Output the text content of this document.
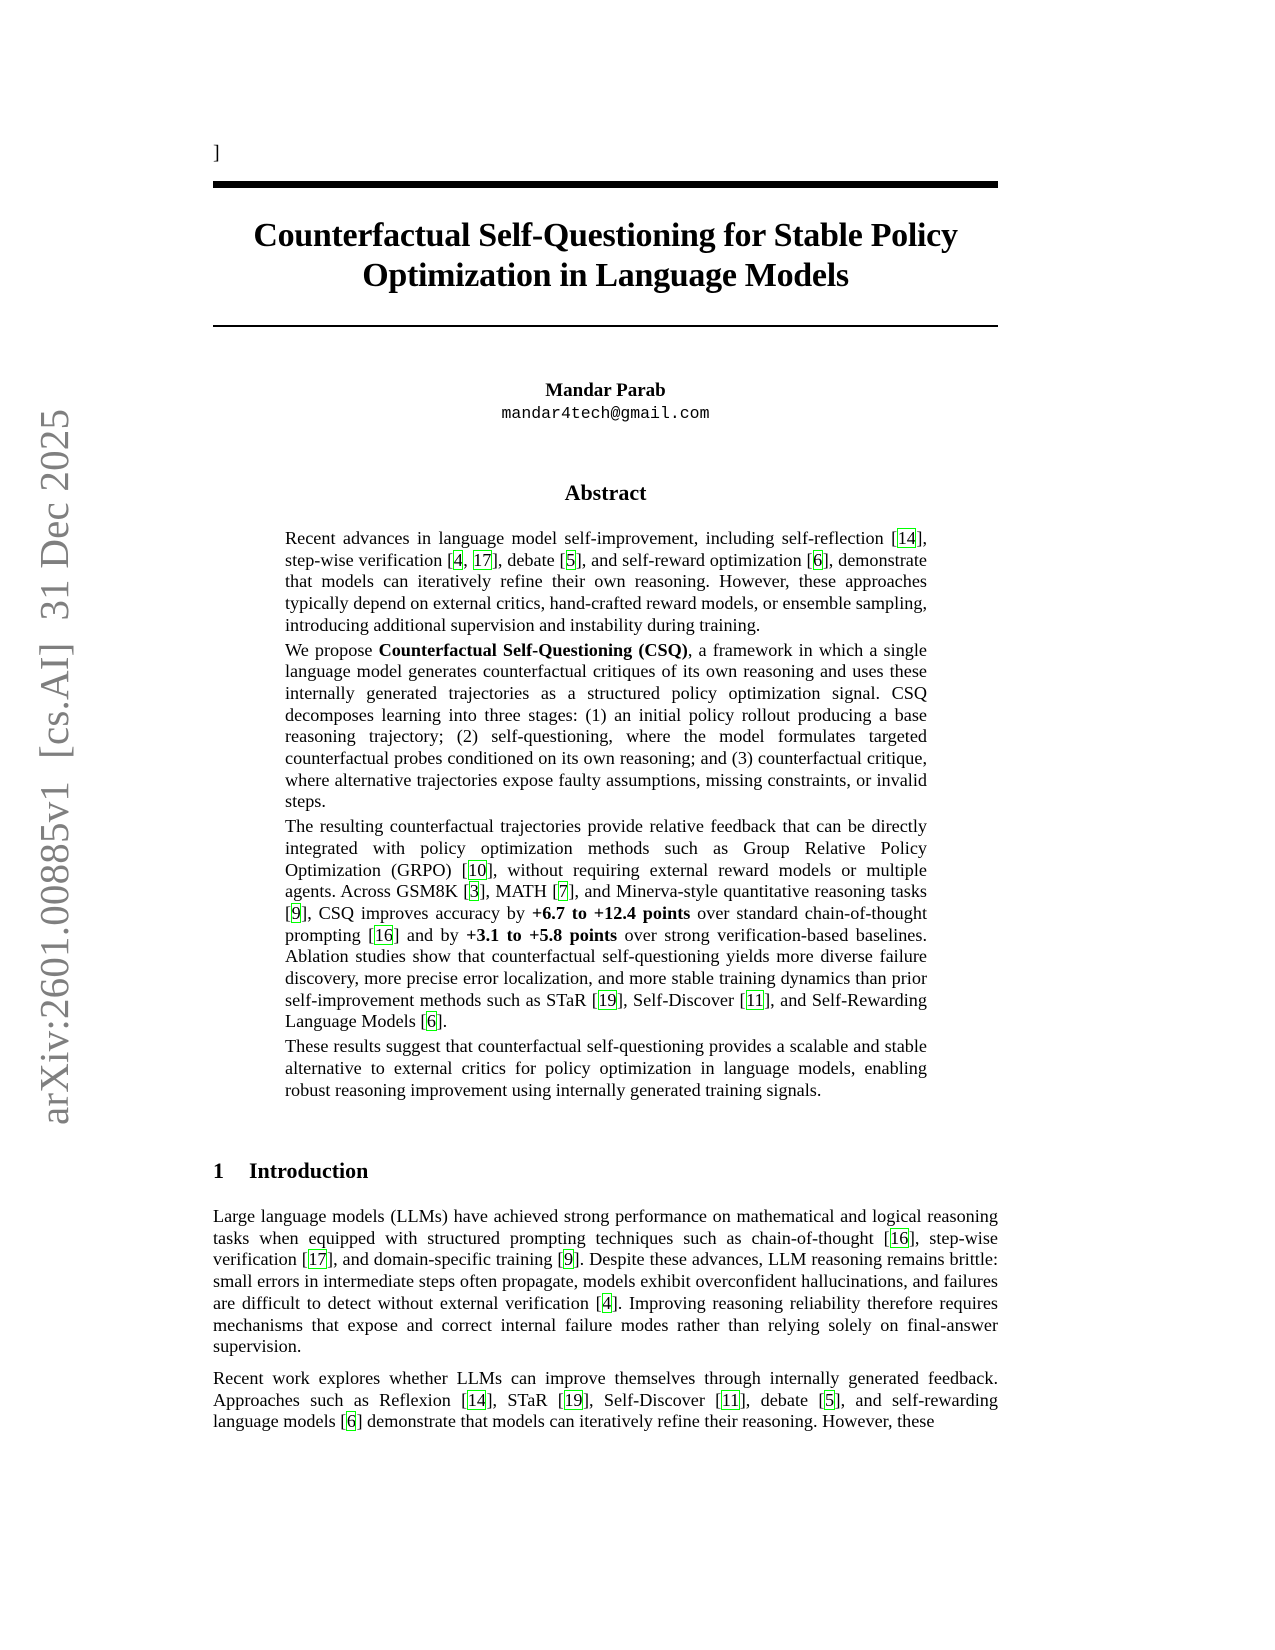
arXiv:2601.00885v1[cs.AI]31 Dec 2025
]
Counterfactual Self-Questioning for Stable Policy
Optimization in Language Models
Mandar Parab
mandar4tech@gmail.com
Abstract

Recent advances in language model self-improvement, including self-reflection [14], step-wise verification [4, 17], debate [5], and self-reward optimization [6], demonstrate that models can iteratively refine their own reasoning. However, these approaches typically depend on external critics, hand-crafted reward models, or ensemble sampling, introducing additional supervision and instability during training.

We propose Counterfactual Self-Questioning (CSQ), a framework in which a single language model generates counterfactual critiques of its own reasoning and uses these internally generated trajectories as a structured policy optimization signal. CSQ decomposes learning into three stages: (1) an initial policy rollout producing a base reasoning trajectory; (2) self-questioning, where the model formulates targeted counterfactual probes conditioned on its own reasoning; and (3) counterfactual critique, where alternative trajectories expose faulty assumptions, missing constraints, or invalid steps.

The resulting counterfactual trajectories provide relative feedback that can be directly integrated with policy optimization methods such as Group Relative Policy Optimization (GRPO) [10], without requiring external reward models or multiple agents. Across GSM8K [3], MATH [7], and Minerva-style quantitative reasoning tasks [9], CSQ improves accuracy by +6.7 to +12.4 points over standard chain-of-thought prompting [16] and by +3.1 to +5.8 points over strong verification-based baselines. Ablation studies show that counterfactual self-questioning yields more diverse failure discovery, more precise error localization, and more stable training dynamics than prior self-improvement methods such as STaR [19], Self-Discover [11], and Self-Rewarding Language Models [6].

These results suggest that counterfactual self-questioning provides a scalable and stable alternative to external critics for policy optimization in language models, enabling robust reasoning improvement using internally generated training signals.

1 Introduction

Large language models (LLMs) have achieved strong performance on mathematical and logical reasoning tasks when equipped with structured prompting techniques such as chain-of-thought [16], step-wise verification [17], and domain-specific training [9]. Despite these advances, LLM reasoning remains brittle: small errors in intermediate steps often propagate, models exhibit overconfident hallucinations, and failures are difficult to detect without external verification [4]. Improving reasoning reliability therefore requires mechanisms that expose and correct internal failure modes rather than relying solely on final-answer supervision.

Recent work explores whether LLMs can improve themselves through internally generated feedback. Approaches such as Reflexion [14], STaR [19], Self-Discover [11], debate [5], and self-rewarding language models [6] demonstrate that models can iteratively refine their reasoning. However, these
